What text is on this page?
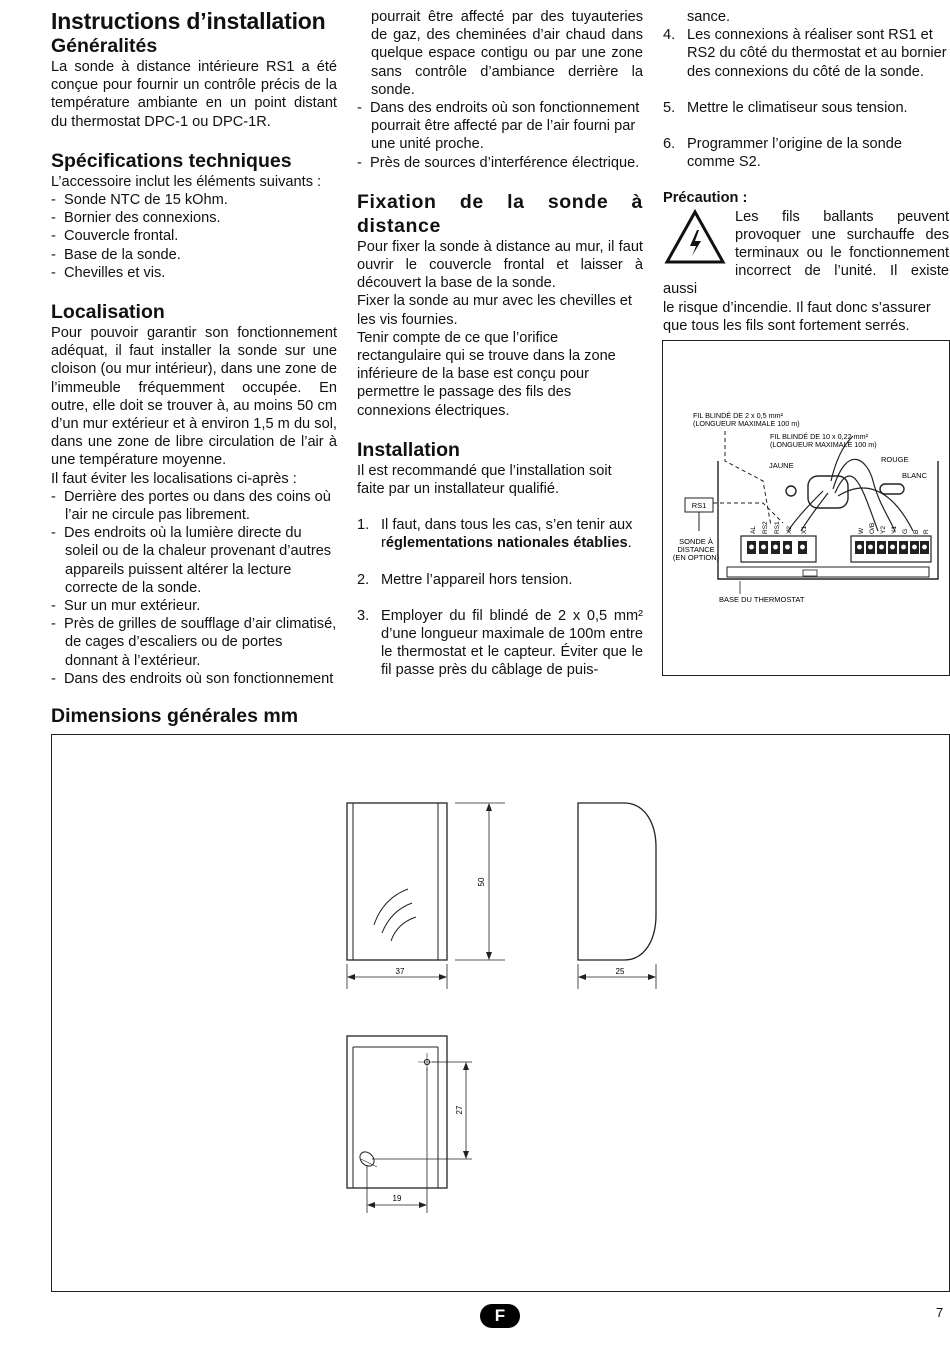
Instructions d’installation

Généralités

La sonde à distance intérieure RS1 a été conçue pour fournir un contrôle précis de la température ambiante en un point distant du thermostat DPC-1 ou DPC-1R.

Spécifications techniques

L’accessoire inclut les éléments suivants :

-  Sonde NTC de 15 kOhm.

-  Bornier des connexions.

-  Couvercle frontal.

-  Base de la sonde.

-  Chevilles et vis.

Localisation

Pour pouvoir garantir son fonctionnement adéquat, il faut installer la sonde sur une cloison (ou mur intérieur), dans une zone de l’immeuble fréquemment occupée. En outre, elle doit se trouver à, au moins 50 cm d’un mur extérieur et à environ 1,5 m du sol, dans une zone de libre circulation de l’air à une température moyenne.

Il faut éviter les localisations ci-après :

-  Derrière des portes ou dans des coins où l’air ne circule pas librement.

-  Des endroits où la lumière directe du soleil ou de la chaleur provenant d’autres appareils puissent altérer la lecture correcte de la sonde.

-  Sur un mur extérieur.

-  Près de grilles de soufflage d’air climatisé, de cages d’escaliers ou de portes donnant à l’extérieur.

-  Dans des endroits où son fonctionnement

pourrait être affecté par des tuyauteries de gaz, des cheminées d’air chaud dans quelque espace contigu ou par une zone sans contrôle d’ambiance derrière la sonde.

-  Dans des endroits où son fonctionnement pourrait être affecté par de l’air fourni par une unité proche.

-  Près de sources d’interférence électrique.

Fixation de la sonde à distance

Pour fixer la sonde à distance au mur, il faut ouvrir le couvercle frontal et laisser à découvert la base de la sonde.

Fixer la sonde au mur avec les chevilles et les vis fournies.

Tenir compte de ce que l’orifice rectangulaire qui se trouve dans la zone inférieure de la base est conçu pour permettre le passage des fils des connexions électriques.

Installation

Il est recommandé que l’installation soit faite par un installateur qualifié.

1. Il faut, dans tous les cas, s’en tenir aux réglementations nationales établies.
2. Mettre l’appareil hors tension.
3. Employer du fil blindé de 2 x 0,5 mm² d’une longueur maximale de 100m entre le thermostat et le capteur. Éviter que le fil passe près du câblage de puis-

sance.

4. Les connexions à réaliser sont RS1 et RS2 du côté du thermostat et au bornier des connexions du côté de la sonde.
5. Mettre le climatiseur sous tension.
6. Programmer l’origine de la sonde comme S2.

Précaution :

Les fils ballants peuvent provoquer une surchauffe des terminaux ou le fonctionnement incorrect de l’unité. Il existe aussi

le risque d’incendie. Il faut donc s’assurer que tous les fils sont fortement serrés.

RS1
FIL BLINDÉ DE 2 x 0,5 mm²
(LONGUEUR MAXIMALE 100 m)
FIL BLINDÉ DE 10 x 0,22 mm²
(LONGUEUR MAXIMALE 100 m)
JAUNE
ROUGE
BLANC
SONDE À
DISTANCE
(EN OPTION)
BASE DU THERMOSTAT
AL RS2 RS1 X2 X1	W O/B Y2 Y1 G B R

Dimensions générales mm

50
37	25
27
19
F	7
